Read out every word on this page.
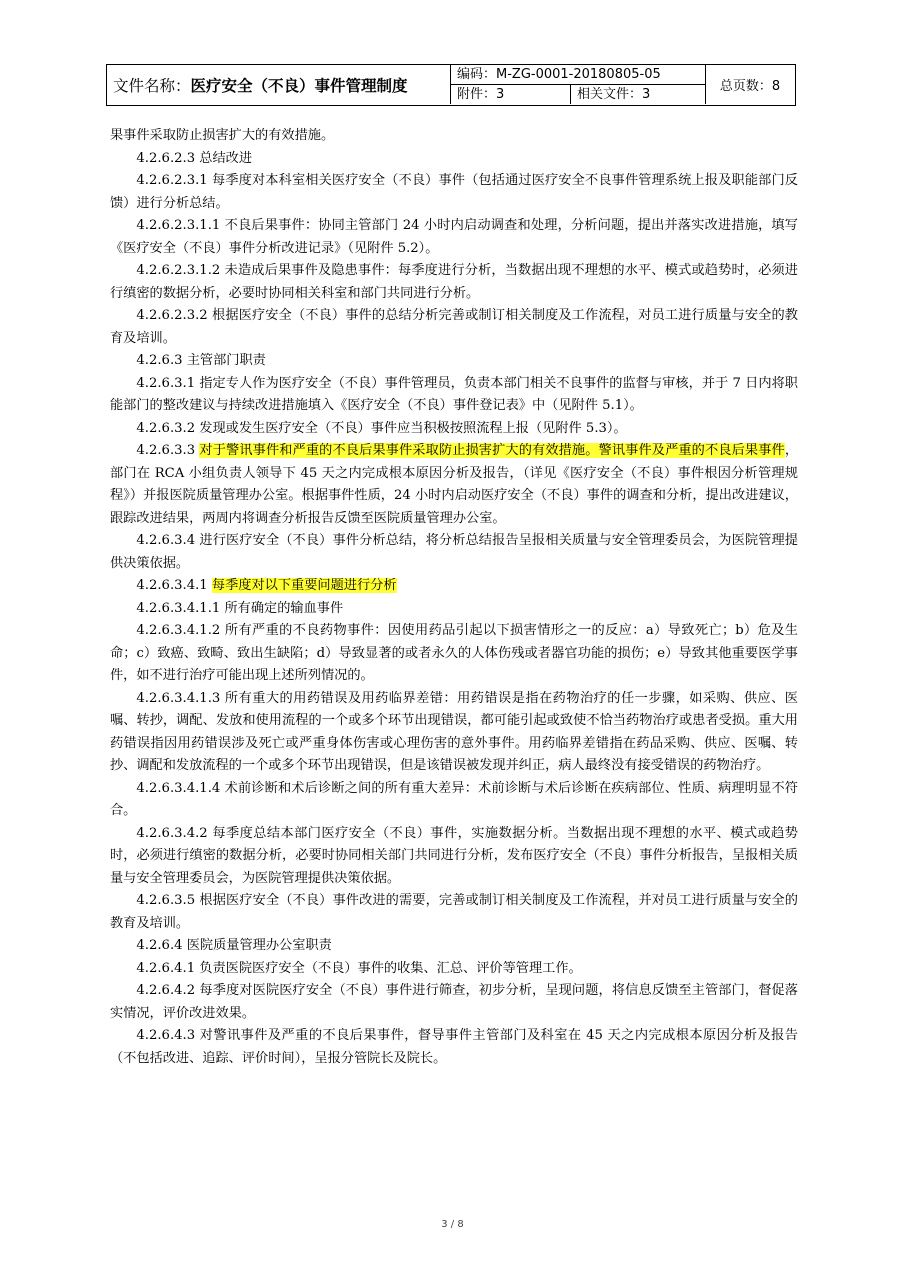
文件名称： 医疗安全（不良）事件管理制度
编码：M-ZG-0001-20180805-05
附件：3	相关文件：3
总页数：8

果事件采取防止损害扩大的有效措施。

4.2.6.2.3 总结改进

4.2.6.2.3.1 每季度对本科室相关医疗安全（不良）事件（包括通过医疗安全不良事件管理系统上报及职能部门反馈）进行分析总结。

4.2.6.2.3.1.1 不良后果事件：协同主管部门 24 小时内启动调查和处理，分析问题，提出并落实改进措施，填写《医疗安全（不良）事件分析改进记录》（见附件 5.2）。

4.2.6.2.3.1.2 未造成后果事件及隐患事件：每季度进行分析，当数据出现不理想的水平、模式或趋势时，必须进行缜密的数据分析，必要时协同相关科室和部门共同进行分析。

4.2.6.2.3.2 根据医疗安全（不良）事件的总结分析完善或制订相关制度及工作流程，对员工进行质量与安全的教育及培训。

4.2.6.3 主管部门职责

4.2.6.3.1 指定专人作为医疗安全（不良）事件管理员，负责本部门相关不良事件的监督与审核，并于 7 日内将职能部门的整改建议与持续改进措施填入《医疗安全（不良）事件登记表》中（见附件 5.1）。

4.2.6.3.2 发现或发生医疗安全（不良）事件应当积极按照流程上报（见附件 5.3）。

4.2.6.3.3 对于警讯事件和严重的不良后果事件采取防止损害扩大的有效措施。警讯事件及严重的不良后果事件，部门在 RCA 小组负责人领导下 45 天之内完成根本原因分析及报告，（详见《医疗安全（不良）事件根因分析管理规程》）并报医院质量管理办公室。根据事件性质，24 小时内启动医疗安全（不良）事件的调查和分析，提出改进建议，跟踪改进结果，两周内将调查分析报告反馈至医院质量管理办公室。

4.2.6.3.4 进行医疗安全（不良）事件分析总结，将分析总结报告呈报相关质量与安全管理委员会，为医院管理提供决策依据。

4.2.6.3.4.1 每季度对以下重要问题进行分析

4.2.6.3.4.1.1 所有确定的输血事件

4.2.6.3.4.1.2 所有严重的不良药物事件：因使用药品引起以下损害情形之一的反应：a）导致死亡；b）危及生命；c）致癌、致畸、致出生缺陷；d）导致显著的或者永久的人体伤残或者器官功能的损伤；e）导致其他重要医学事件，如不进行治疗可能出现上述所列情况的。

4.2.6.3.4.1.3 所有重大的用药错误及用药临界差错：用药错误是指在药物治疗的任一步骤，如采购、供应、医嘱、转抄，调配、发放和使用流程的一个或多个环节出现错误，都可能引起或致使不恰当药物治疗或患者受损。重大用药错误指因用药错误涉及死亡或严重身体伤害或心理伤害的意外事件。用药临界差错指在药品采购、供应、医嘱、转抄、调配和发放流程的一个或多个环节出现错误，但是该错误被发现并纠正，病人最终没有接受错误的药物治疗。

4.2.6.3.4.1.4 术前诊断和术后诊断之间的所有重大差异：术前诊断与术后诊断在疾病部位、性质、病理明显不符合。

4.2.6.3.4.2 每季度总结本部门医疗安全（不良）事件，实施数据分析。当数据出现不理想的水平、模式或趋势时，必须进行缜密的数据分析，必要时协同相关部门共同进行分析，发布医疗安全（不良）事件分析报告，呈报相关质量与安全管理委员会，为医院管理提供决策依据。

4.2.6.3.5 根据医疗安全（不良）事件改进的需要，完善或制订相关制度及工作流程，并对员工进行质量与安全的教育及培训。

4.2.6.4 医院质量管理办公室职责

4.2.6.4.1 负责医院医疗安全（不良）事件的收集、汇总、评价等管理工作。

4.2.6.4.2 每季度对医院医疗安全（不良）事件进行筛查，初步分析，呈现问题，将信息反馈至主管部门，督促落实情况，评价改进效果。

4.2.6.4.3 对警讯事件及严重的不良后果事件，督导事件主管部门及科室在 45 天之内完成根本原因分析及报告（不包括改进、追踪、评价时间），呈报分管院长及院长。

3 / 8
